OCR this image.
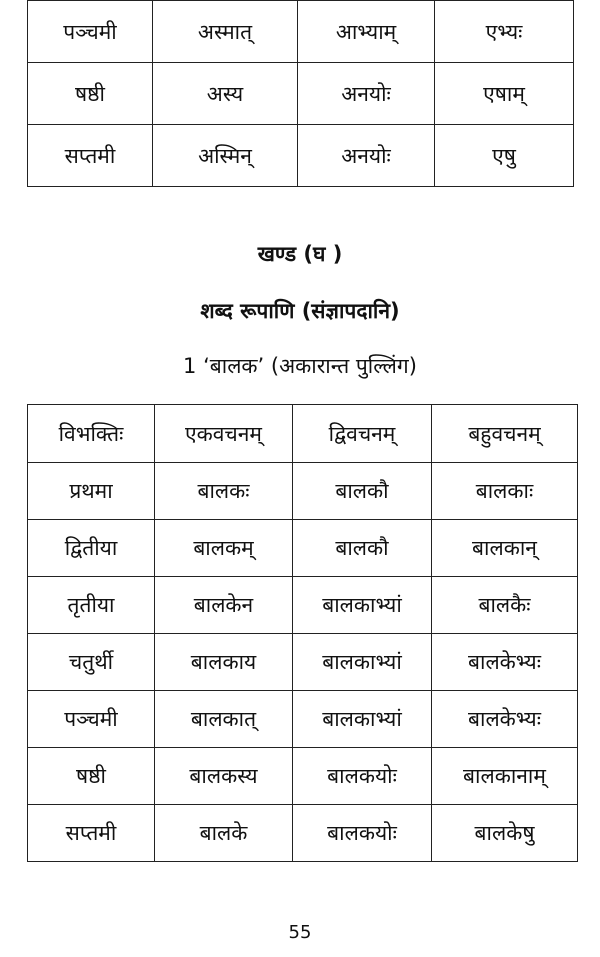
पञ्चमी	अस्मात्	आभ्याम्	एभ्यः
षष्ठी	अस्य	अनयोः	एषाम्
सप्तमी	अस्मिन्	अनयोः	एषु
खण्ड (घ )
शब्द रूपाणि (संज्ञापदानि)

1 ‘बालक’ (अकारान्त पुल्लिंग)

विभक्तिः	एकवचनम्	द्विवचनम्	बहुवचनम्
प्रथमा	बालकः	बालकौ	बालकाः
द्वितीया	बालकम्	बालकौ	बालकान्
तृतीया	बालकेन	बालकाभ्यां	बालकैः
चतुर्थी	बालकाय	बालकाभ्यां	बालकेभ्यः
पञ्चमी	बालकात्	बालकाभ्यां	बालकेभ्यः
षष्ठी	बालकस्य	बालकयोः	बालकानाम्
सप्तमी	बालके	बालकयोः	बालकेषु
55
